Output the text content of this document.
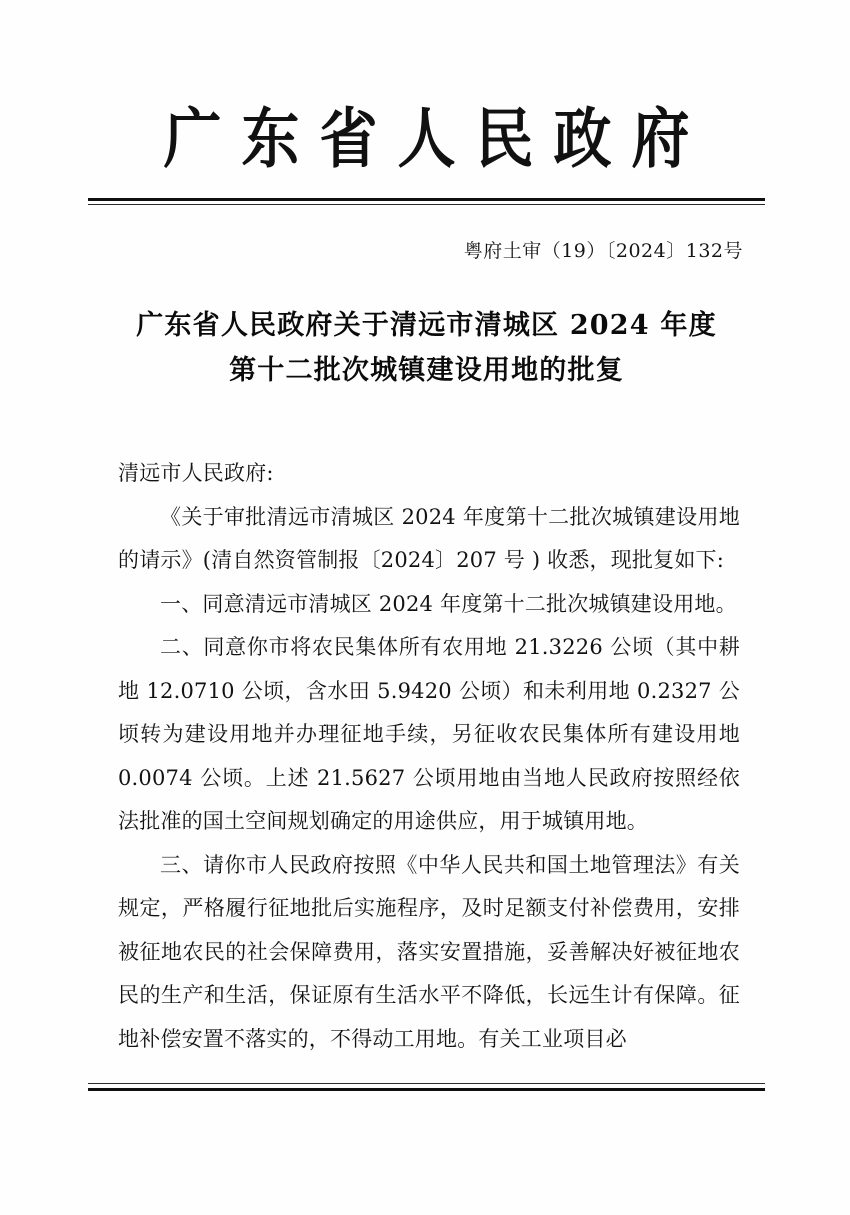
广东省人民政府
粤府土审（19）〔2024〕132号
广东省人民政府关于清远市清城区 2024 年度
第十二批次城镇建设用地的批复

清远市人民政府:

《关于审批清远市清城区 2024 年度第十二批次城镇建设用地的请示》(清自然资管制报〔2024〕207 号 ) 收悉，现批复如下:

一、同意清远市清城区 2024 年度第十二批次城镇建设用地。

二、同意你市将农民集体所有农用地 21.3226 公顷（其中耕地 12.0710 公顷，含水田 5.9420 公顷）和未利用地 0.2327 公顷转为建设用地并办理征地手续，另征收农民集体所有建设用地 0.0074 公顷。上述 21.5627 公顷用地由当地人民政府按照经依法批准的国土空间规划确定的用途供应，用于城镇用地。

三、请你市人民政府按照《中华人民共和国土地管理法》有关规定，严格履行征地批后实施程序，及时足额支付补偿费用，安排被征地农民的社会保障费用，落实安置措施，妥善解决好被征地农民的生产和生活，保证原有生活水平不降低，长远生计有保障。征地补偿安置不落实的，不得动工用地。有关工业项目必
